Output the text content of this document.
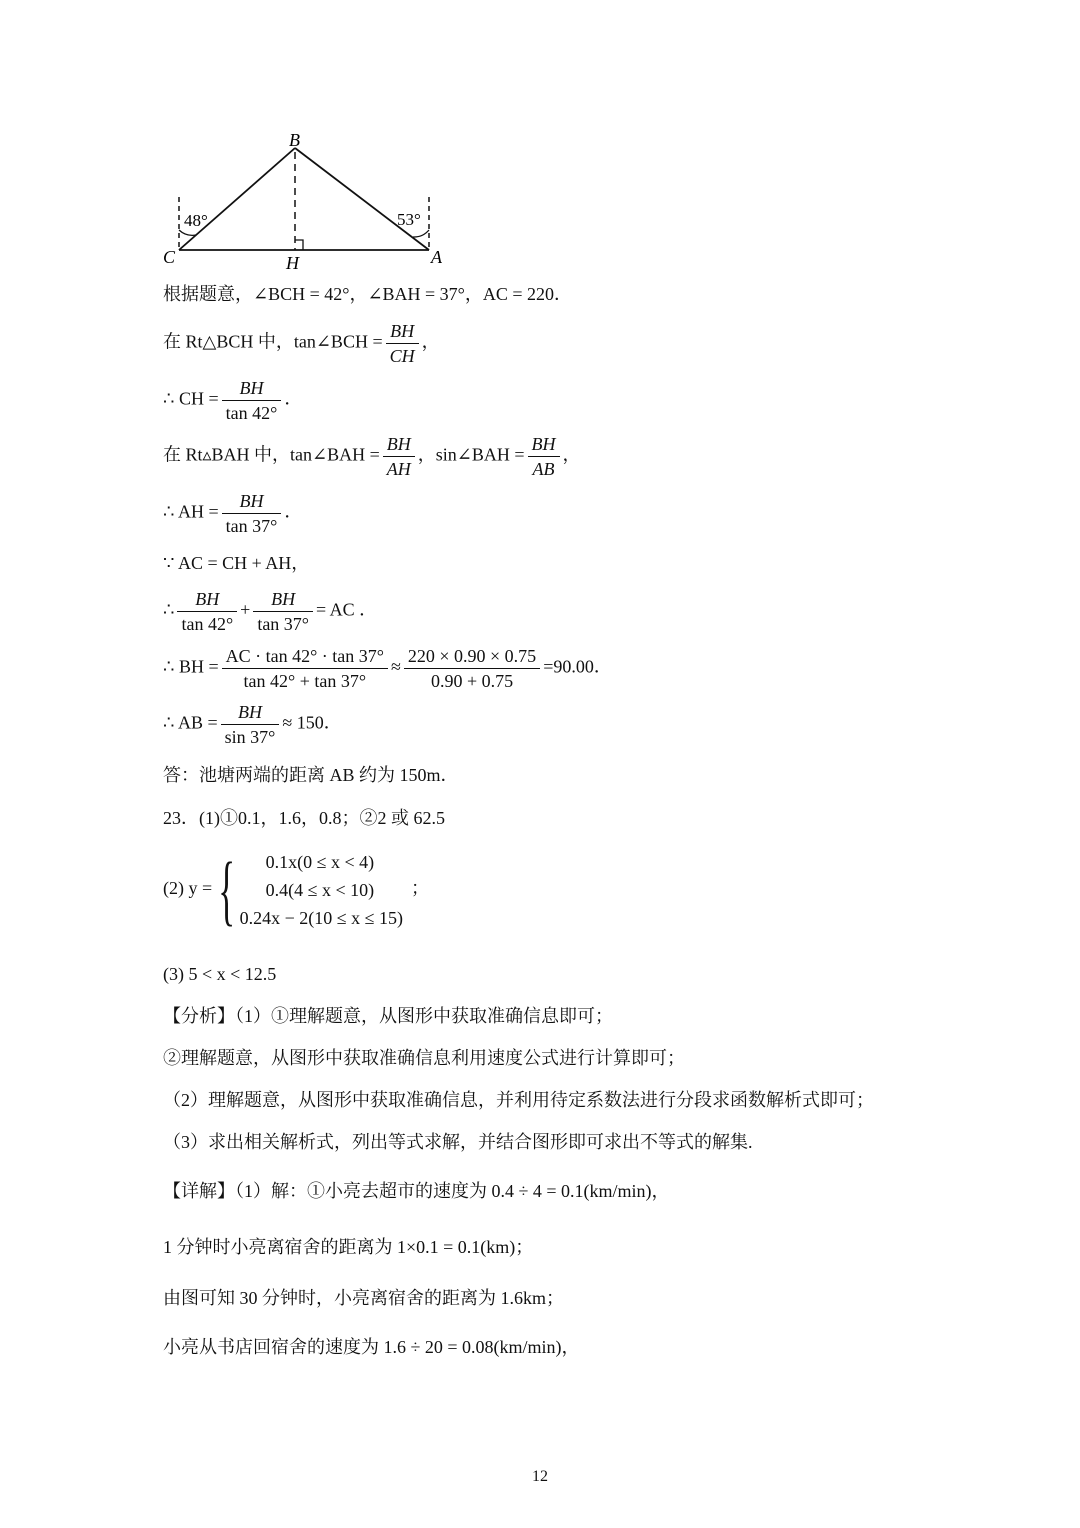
B
C	A
H
48°	53°
根据题意，∠BCH = 42°，∠BAH = 37°，AC = 220．
在 Rt△BCH 中，tan∠BCH = $\frac{BH}{CH}$ ，
∴ CH = $\frac{BH}{\tan 42^\circ}$ ．
在 Rt▵BAH 中，tan∠BAH = $\frac{BH}{AH}$ ，sin∠BAH = $\frac{BH}{AB}$ ，
∴ AH = $\frac{BH}{\tan 37^\circ}$ ．
∵ AC = CH + AH，
∴ $\frac{BH}{\tan 42^\circ} + \frac{BH}{\tan 37^\circ}$ = AC ．
∴ BH = $\frac{AC \cdot \tan 42^\circ \cdot \tan 37^\circ}{\tan 42^\circ + \tan 37^\circ} \approx \frac{220 \times 0.90 \times 0.75}{0.90 + 0.75} =90.00$．
∴ AB = $\frac{BH}{\sin 37^\circ} \approx 150$．
答：池塘两端的距离 AB 约为 150m．
23．(1)①0.1，1.6，0.8；②2 或 62.5
(2) y ={	0.1x(0 ≤ x < 4)
0.4(4 ≤ x < 10)
0.24x − 2(10 ≤ x ≤ 15)
；
(3) 5 < x < 12.5
【分析】（1）①理解题意，从图形中获取准确信息即可；
②理解题意，从图形中获取准确信息利用速度公式进行计算即可；
（2）理解题意，从图形中获取准确信息，并利用待定系数法进行分段求函数解析式即可；
（3）求出相关解析式，列出等式求解，并结合图形即可求出不等式的解集.
【详解】（1）解：①小亮去超市的速度为 0.4 ÷ 4 = 0.1(km/min)，
1 分钟时小亮离宿舍的距离为 1×0.1 = 0.1(km)；
由图可知 30 分钟时，小亮离宿舍的距离为 1.6km；
小亮从书店回宿舍的速度为 1.6 ÷ 20 = 0.08(km/min)，
12
